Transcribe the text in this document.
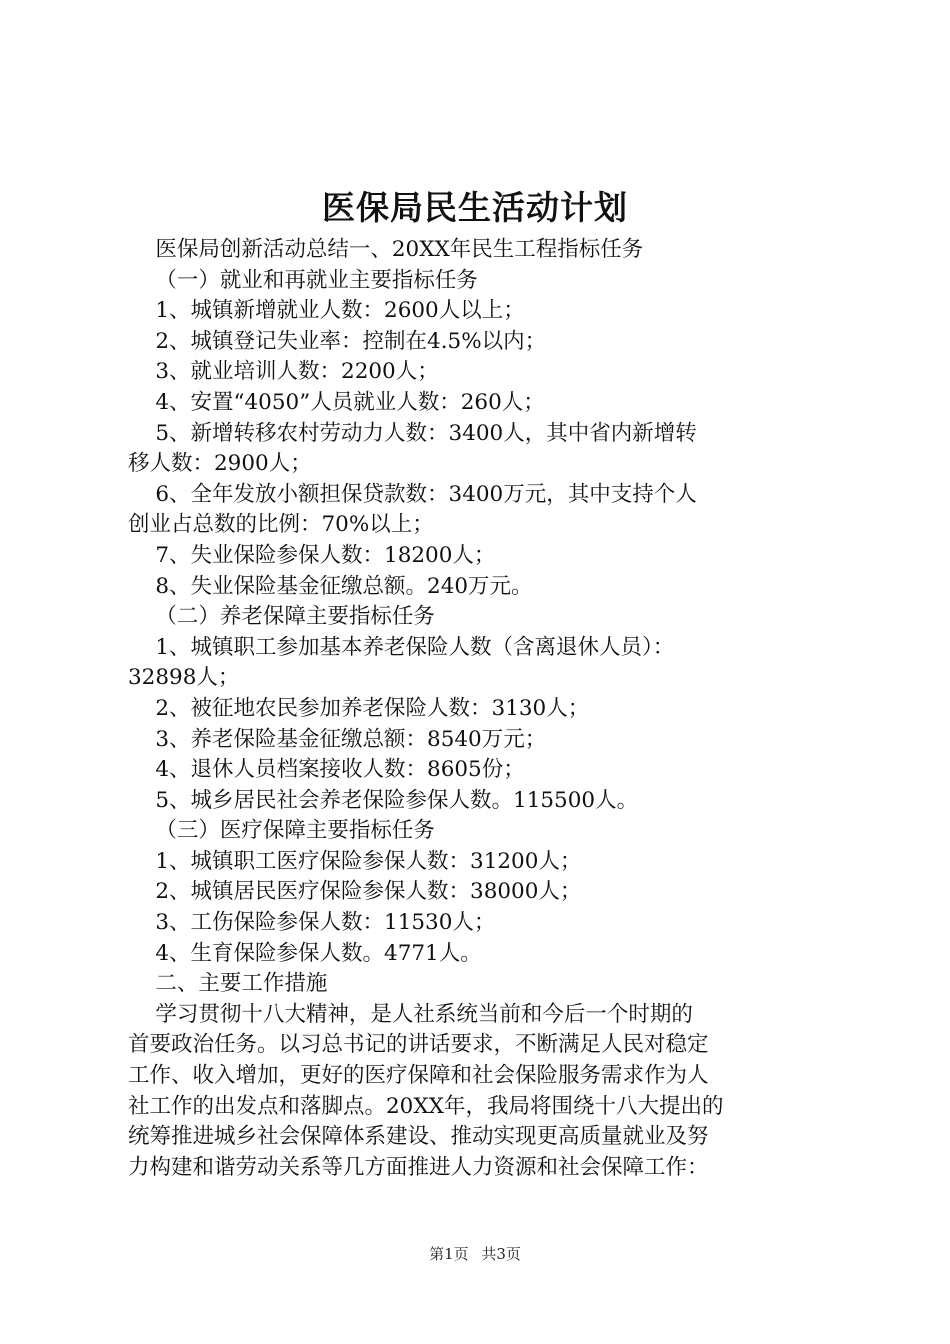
医保局民生活动计划

医保局创新活动总结一、20XX年民生工程指标任务

（一）就业和再就业主要指标任务

1、城镇新增就业人数：2600人以上；

2、城镇登记失业率：控制在4.5%以内；

3、就业培训人数：2200人；

4、安置“4050”人员就业人数：260人；

5、新增转移农村劳动力人数：3400人，其中省内新增转

移人数：2900人；

6、全年发放小额担保贷款数：3400万元，其中支持个人

创业占总数的比例：70%以上；

7、失业保险参保人数：18200人；

8、失业保险基金征缴总额。240万元。

（二）养老保障主要指标任务

1、城镇职工参加基本养老保险人数（含离退休人员）：

32898人；

2、被征地农民参加养老保险人数：3130人；

3、养老保险基金征缴总额：8540万元；

4、退休人员档案接收人数：8605份；

5、城乡居民社会养老保险参保人数。115500人。

（三）医疗保障主要指标任务

1、城镇职工医疗保险参保人数：31200人；

2、城镇居民医疗保险参保人数：38000人；

3、工伤保险参保人数：11530人；

4、生育保险参保人数。4771人。

二、主要工作措施

学习贯彻十八大精神，是人社系统当前和今后一个时期的

首要政治任务。以习总书记的讲话要求，不断满足人民对稳定

工作、收入增加，更好的医疗保障和社会保险服务需求作为人

社工作的出发点和落脚点。20XX年，我局将围绕十八大提出的

统筹推进城乡社会保障体系建设、推动实现更高质量就业及努

力构建和谐劳动关系等几方面推进人力资源和社会保障工作：

第1页 共3页
